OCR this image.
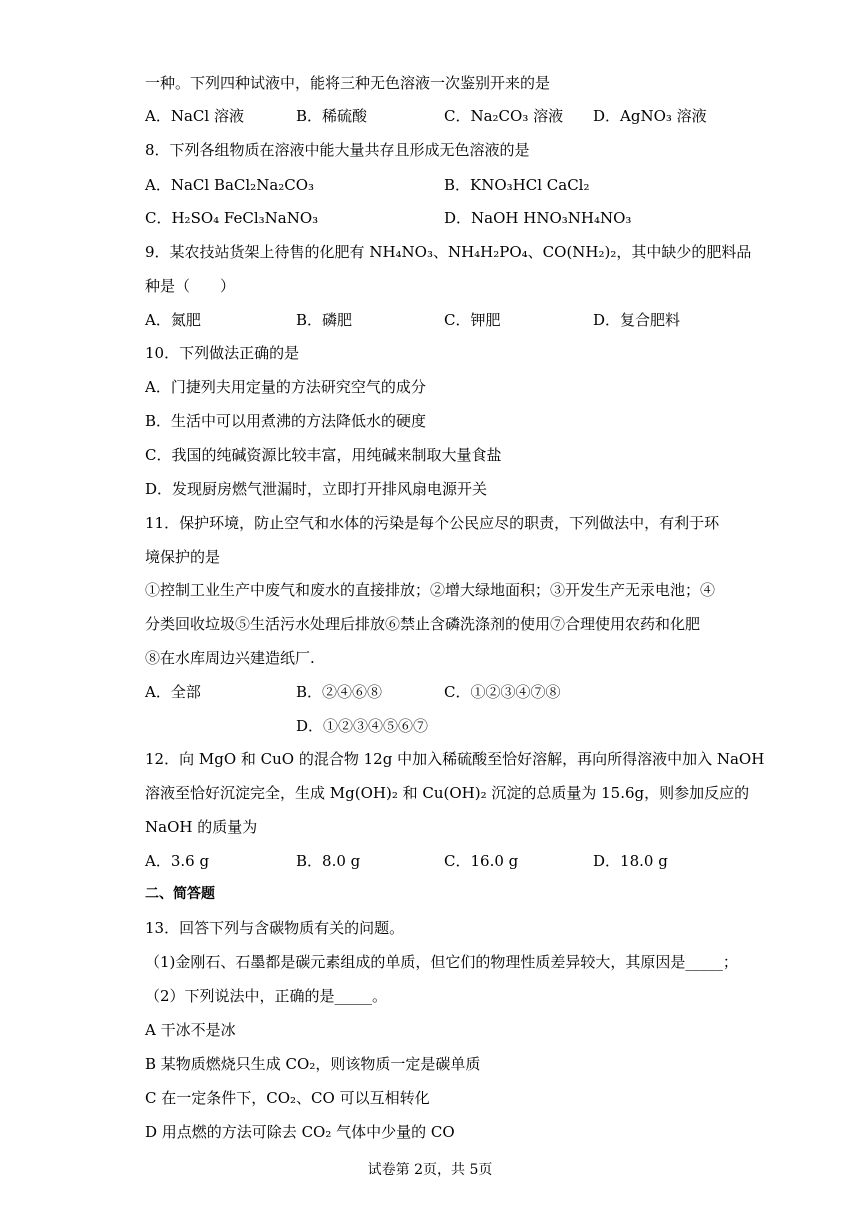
一种。下列四种试液中，能将三种无色溶液一次鉴别开来的是
A．NaCl 溶液	B．稀硫酸	C．Na₂CO₃ 溶液 D．AgNO₃ 溶液
8．下列各组物质在溶液中能大量共存且形成无色溶液的是
A．NaCl BaCl₂Na₂CO₃	B．KNO₃HCl CaCl₂
C．H₂SO₄ FeCl₃NaNO₃	D．NaOH HNO₃NH₄NO₃
9．某农技站货架上待售的化肥有 NH₄NO₃、NH₄H₂PO₄、CO(NH₂)₂，其中缺少的肥料品
种是（　　）
A．氮肥	B．磷肥	C．钾肥	D．复合肥料
10．下列做法正确的是
A．门捷列夫用定量的方法研究空气的成分
B．生活中可以用煮沸的方法降低水的硬度
C．我国的纯碱资源比较丰富，用纯碱来制取大量食盐
D．发现厨房燃气泄漏时，立即打开排风扇电源开关
11．保护环境，防止空气和水体的污染是每个公民应尽的职责，下列做法中，有利于环
境保护的是
①控制工业生产中废气和废水的直接排放；②增大绿地面积；③开发生产无汞电池；④
分类回收垃圾⑤生活污水处理后排放⑥禁止含磷洗涤剂的使用⑦合理使用农药和化肥
⑧在水库周边兴建造纸厂.
A．全部	B．②④⑥⑧	C．①②③④⑦⑧
D．①②③④⑤⑥⑦
12．向 MgO 和 CuO 的混合物 12g 中加入稀硫酸至恰好溶解，再向所得溶液中加入 NaOH
溶液至恰好沉淀完全，生成 Mg(OH)₂ 和 Cu(OH)₂ 沉淀的总质量为 15.6g，则参加反应的
NaOH 的质量为
A．3.6 g	B．8.0 g	C．16.0 g	D．18.0 g
二、简答题
13．回答下列与含碳物质有关的问题。
（1)金刚石、石墨都是碳元素组成的单质，但它们的物理性质差异较大，其原因是_____；
（2）下列说法中，正确的是_____。
A 干冰不是冰
B 某物质燃烧只生成 CO₂，则该物质一定是碳单质
C 在一定条件下，CO₂、CO 可以互相转化
D 用点燃的方法可除去 CO₂ 气体中少量的 CO
试卷第 2页，共 5页
